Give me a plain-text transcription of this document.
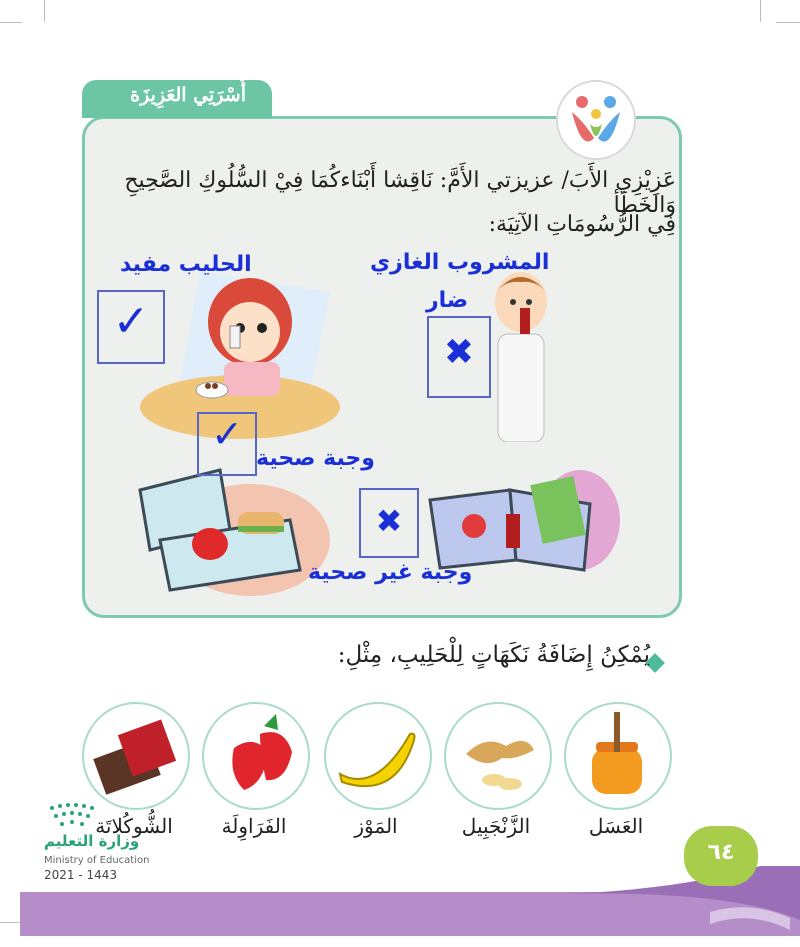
أُسْرَتِي العَزِيزَة
عَزِيْزِي الأَبَ/ عزيزتي الأَمَّ: نَاقِشا أَبْنَاءكُمَا فِيْ السُّلُوكِ الصَّحِيحِ وَالخَطَأ
فِي الرُّسُومَاتِ الآتِيَة:
الحليب مفيد	المشروب الغازي
ضار
وجبة صحية
وجبة غير صحية
✓
✖
✓
✖
يُمْكِنُ إِضَافَةُ نَكَهَاتٍ لِلْحَلِيبِ، مِثْلِ:
العَسَل
الزَّنْجَبِيل
المَوْز
الفَرَاوِلَة
الشُّوكُلاتَة
وزارة التعليم
Ministry of Education
2021 - 1443
٦٤
